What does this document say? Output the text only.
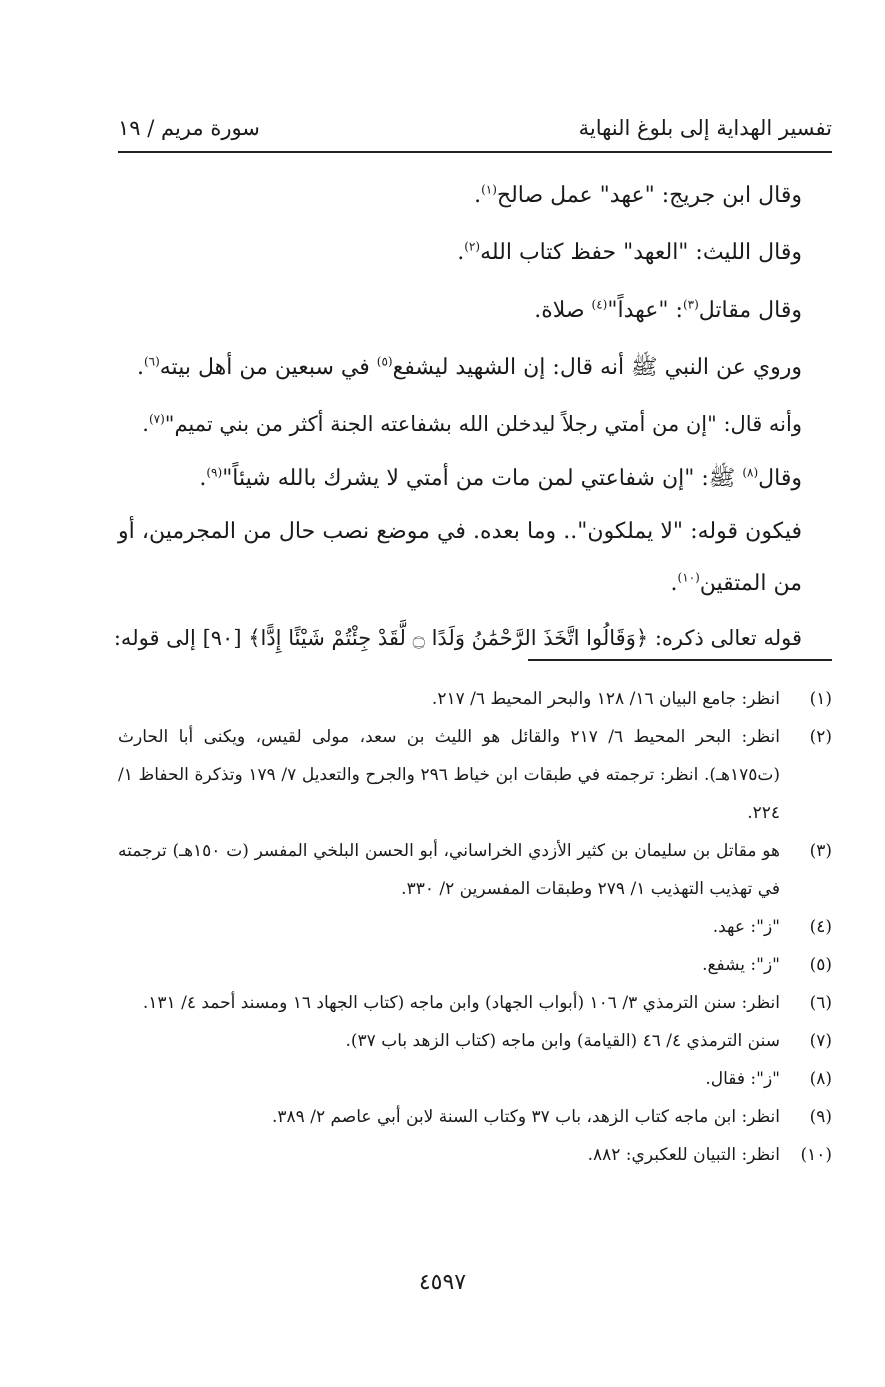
تفسير الهداية إلى بلوغ النهاية
سورة مريم / ١٩
وقال ابن جريج: "عهد" عمل صالح$^{(١)}$.
وقال الليث: "العهد" حفظ كتاب الله$^{(٢)}$.
وقال مقاتل$^{(٣)}$: "عهداً"$^{(٤)}$ صلاة.
وروي عن النبي ﷺ أنه قال: إن الشهيد ليشفع$^{(٥)}$ في سبعين من أهل بيته$^{(٦)}$.
وأنه قال: "إن من أمتي رجلاً ليدخلن الله بشفاعته الجنة أكثر من بني تميم"$^{(٧)}$.
وقال$^{(٨)}$ ﷺ: "إن شفاعتي لمن مات من أمتي لا يشرك بالله شيئاً"$^{(٩)}$.
فيكون قوله: "لا يملكون".. وما بعده. في موضع نصب حال من المجرمين، أو من المتقين$^{(١٠)}$.
قوله تعالى ذكره: ﴿وَقَالُوا اتَّخَذَ الرَّحْمَٰنُ وَلَدًا ۝ لَّقَدْ جِئْتُمْ شَيْئًا إِدًّا﴾ [٩٠] إلى قوله:
(١)
انظر: جامع البيان ١٦/ ١٢٨ والبحر المحيط ٦/ ٢١٧.
(٢)
انظر: البحر المحيط ٦/ ٢١٧ والقائل هو الليث بن سعد، مولى لقيس، ويكنى أبا الحارث (ت١٧٥هـ). انظر: ترجمته في طبقات ابن خياط ٢٩٦ والجرح والتعديل ٧/ ١٧٩ وتذكرة الحفاظ ١/ ٢٢٤.
(٣)
هو مقاتل بن سليمان بن كثير الأزدي الخراساني، أبو الحسن البلخي المفسر (ت ١٥٠هـ) ترجمته في تهذيب التهذيب ١/ ٢٧٩ وطبقات المفسرين ٢/ ٣٣٠.
(٤)
"ز": عهد.
(٥)
"ز": يشفع.
(٦)
انظر: سنن الترمذي ٣/ ١٠٦ (أبواب الجهاد) وابن ماجه (كتاب الجهاد ١٦ ومسند أحمد ٤/ ١٣١.
(٧)
سنن الترمذي ٤/ ٤٦ (القيامة) وابن ماجه (كتاب الزهد باب ٣٧).
(٨)
"ز": فقال.
(٩)
انظر: ابن ماجه كتاب الزهد، باب ٣٧ وكتاب السنة لابن أبي عاصم ٢/ ٣٨٩.
(١٠)
انظر: التبيان للعكبري: ٨٨٢.
٤٥٩٧
